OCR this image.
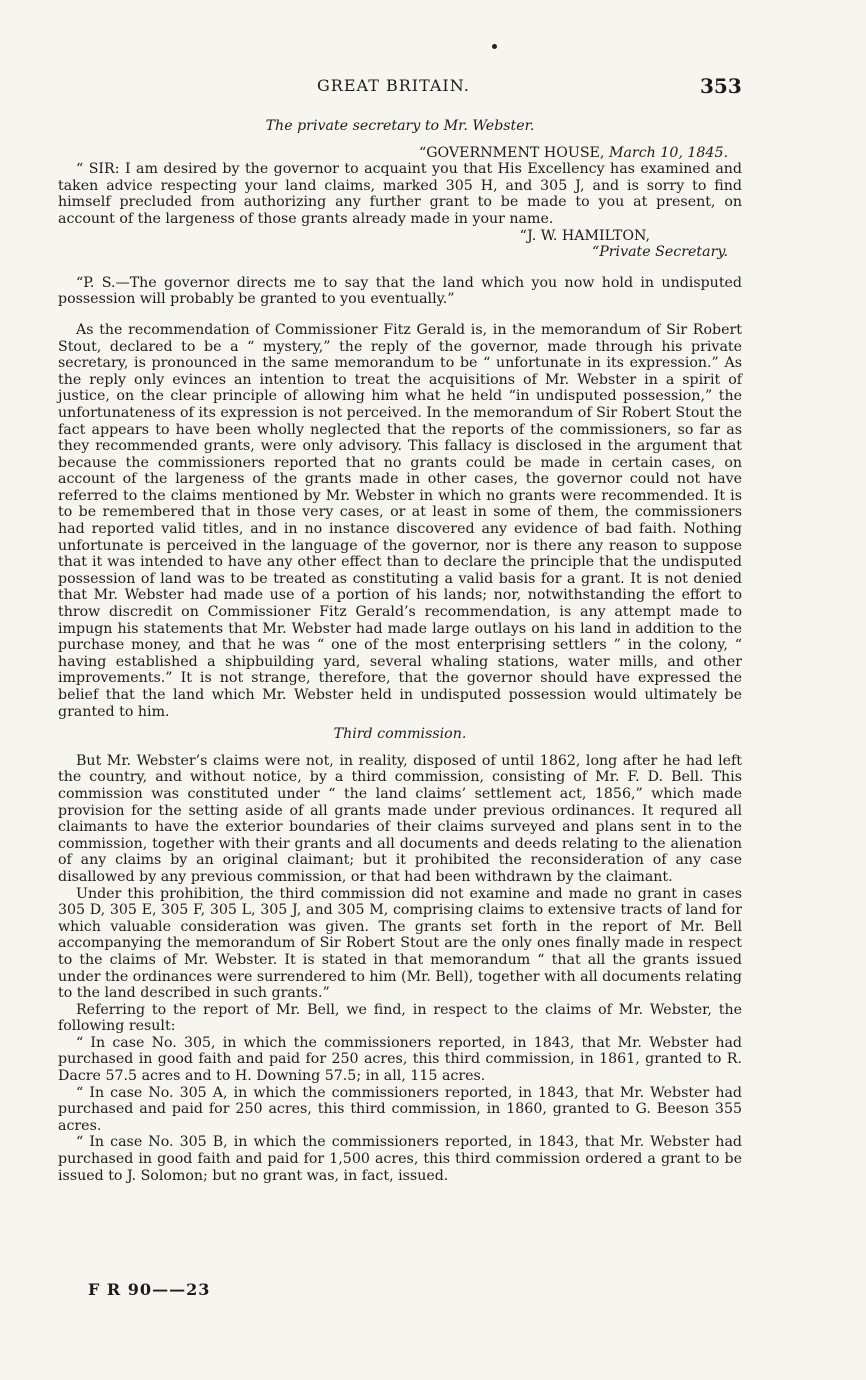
GREAT BRITAIN.	353
The private secretary to Mr. Webster.
“GOVERNMENT HOUSE, March 10, 1845.

“ SIR: I am desired by the governor to acquaint you that His Excellency has examined and taken advice respecting your land claims, marked 305 H, and 305 J, and is sorry to find himself precluded from authorizing any further grant to be made to you at present, on account of the largeness of those grants already made in your name.

“J. W. HAMILTON,
“Private Secretary.

“P. S.—The governor directs me to say that the land which you now hold in undisputed possession will probably be granted to you eventually.”

As the recommendation of Commissioner Fitz Gerald is, in the memorandum of Sir Robert Stout, declared to be a “ mystery,” the reply of the governor, made through his private secretary, is pronounced in the same memorandum to be “ unfortunate in its expression.” As the reply only evinces an intention to treat the acquisitions of Mr. Webster in a spirit of justice, on the clear principle of allowing him what he held “in undisputed possession,” the unfortunateness of its expression is not perceived. In the memorandum of Sir Robert Stout the fact appears to have been wholly neglected that the reports of the commissioners, so far as they recommended grants, were only advisory. This fallacy is disclosed in the argument that because the commissioners reported that no grants could be made in certain cases, on account of the largeness of the grants made in other cases, the governor could not have referred to the claims mentioned by Mr. Webster in which no grants were recommended. It is to be remembered that in those very cases, or at least in some of them, the commissioners had reported valid titles, and in no instance discovered any evidence of bad faith. Nothing unfortunate is perceived in the language of the governor, nor is there any reason to suppose that it was intended to have any other effect than to declare the principle that the undisputed possession of land was to be treated as constituting a valid basis for a grant. It is not denied that Mr. Webster had made use of a portion of his lands; nor, notwithstanding the effort to throw discredit on Commissioner Fitz Gerald’s recommendation, is any attempt made to impugn his statements that Mr. Webster had made large outlays on his land in addition to the purchase money, and that he was “ one of the most enterprising settlers ” in the colony, “ having established a shipbuilding yard, several whaling stations, water mills, and other improvements.” It is not strange, therefore, that the governor should have expressed the belief that the land which Mr. Webster held in undisputed possession would ultimately be granted to him.

Third commission.

But Mr. Webster’s claims were not, in reality, disposed of until 1862, long after he had left the country, and without notice, by a third commission, consisting of Mr. F. D. Bell. This commission was constituted under “ the land claims’ settlement act, 1856,” which made provision for the setting aside of all grants made under previous ordinances. It requred all claimants to have the exterior boundaries of their claims surveyed and plans sent in to the commission, together with their grants and all documents and deeds relating to the alienation of any claims by an original claimant; but it prohibited the reconsideration of any case disallowed by any previous commission, or that had been withdrawn by the claimant.

Under this prohibition, the third commission did not examine and made no grant in cases 305 D, 305 E, 305 F, 305 L, 305 J, and 305 M, comprising claims to extensive tracts of land for which valuable consideration was given. The grants set forth in the report of Mr. Bell accompanying the memorandum of Sir Robert Stout are the only ones finally made in respect to the claims of Mr. Webster. It is stated in that memorandum “ that all the grants issued under the ordinances were surrendered to him (Mr. Bell), together with all documents relating to the land described in such grants.”

Referring to the report of Mr. Bell, we find, in respect to the claims of Mr. Webster, the following result:

“ In case No. 305, in which the commissioners reported, in 1843, that Mr. Webster had purchased in good faith and paid for 250 acres, this third commission, in 1861, granted to R. Dacre 57.5 acres and to H. Downing 57.5; in all, 115 acres.

“ In case No. 305 A, in which the commissioners reported, in 1843, that Mr. Webster had purchased and paid for 250 acres, this third commission, in 1860, granted to G. Beeson 355 acres.

“ In case No. 305 B, in which the commissioners reported, in 1843, that Mr. Webster had purchased in good faith and paid for 1,500 acres, this third commission ordered a grant to be issued to J. Solomon; but no grant was, in fact, issued.

F R 90——23
